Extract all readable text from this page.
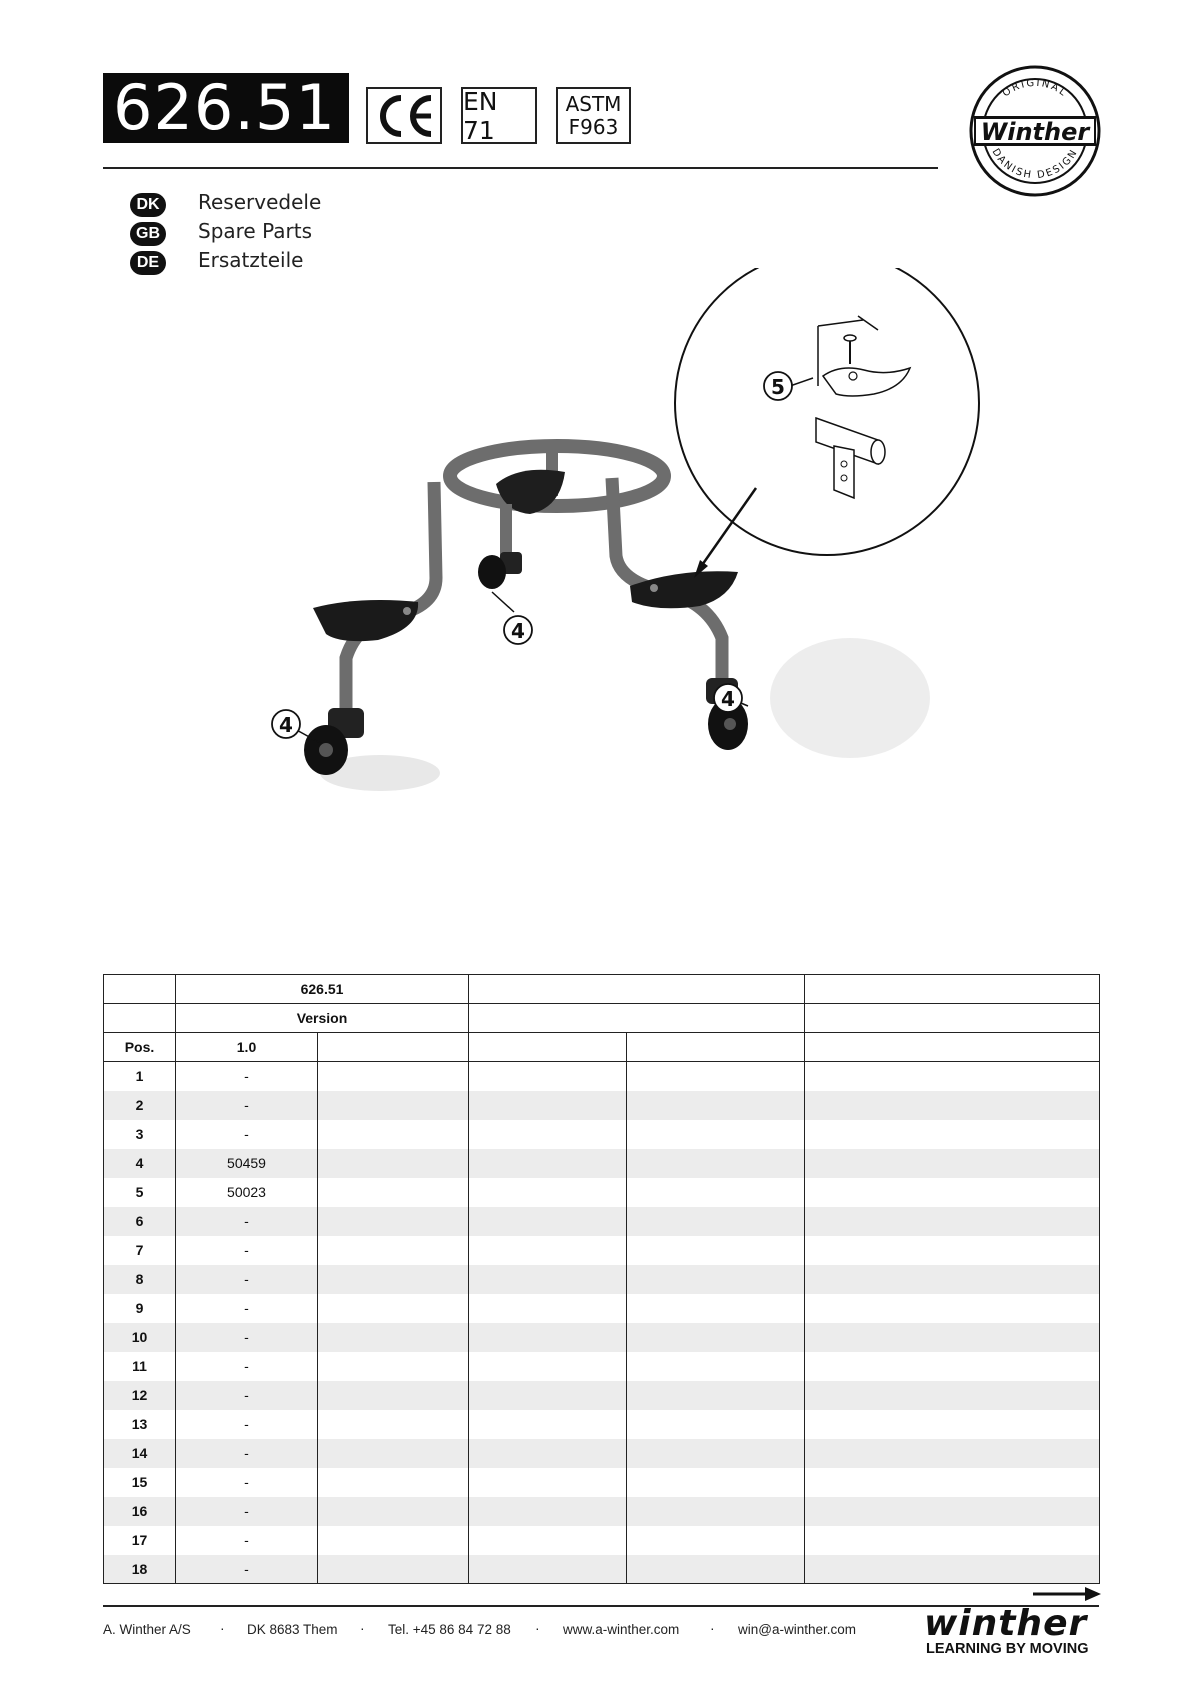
626.51	EN 71
ASTM
F963
ORIGINAL
DANISH DESIGN
Winther
DK	Reservedele
GB	Spare Parts
DE	Ersatzteile
5
4
4
4
	626.51				
	Version				
Pos.	1.0				
1	-				
2	-				
3	-				
4	50459				
5	50023				
6	-				
7	-				
8	-				
9	-				
10	-				
11	-				
12	-				
13	-				
14	-				
15	-				
16	-				
17	-				
18	-				
A. Winther A/S · DK 8683 Them · Tel. +45 86 84 72 88 · www.a-winther.com · win@a-winther.com winther
LEARNING BY MOVING
